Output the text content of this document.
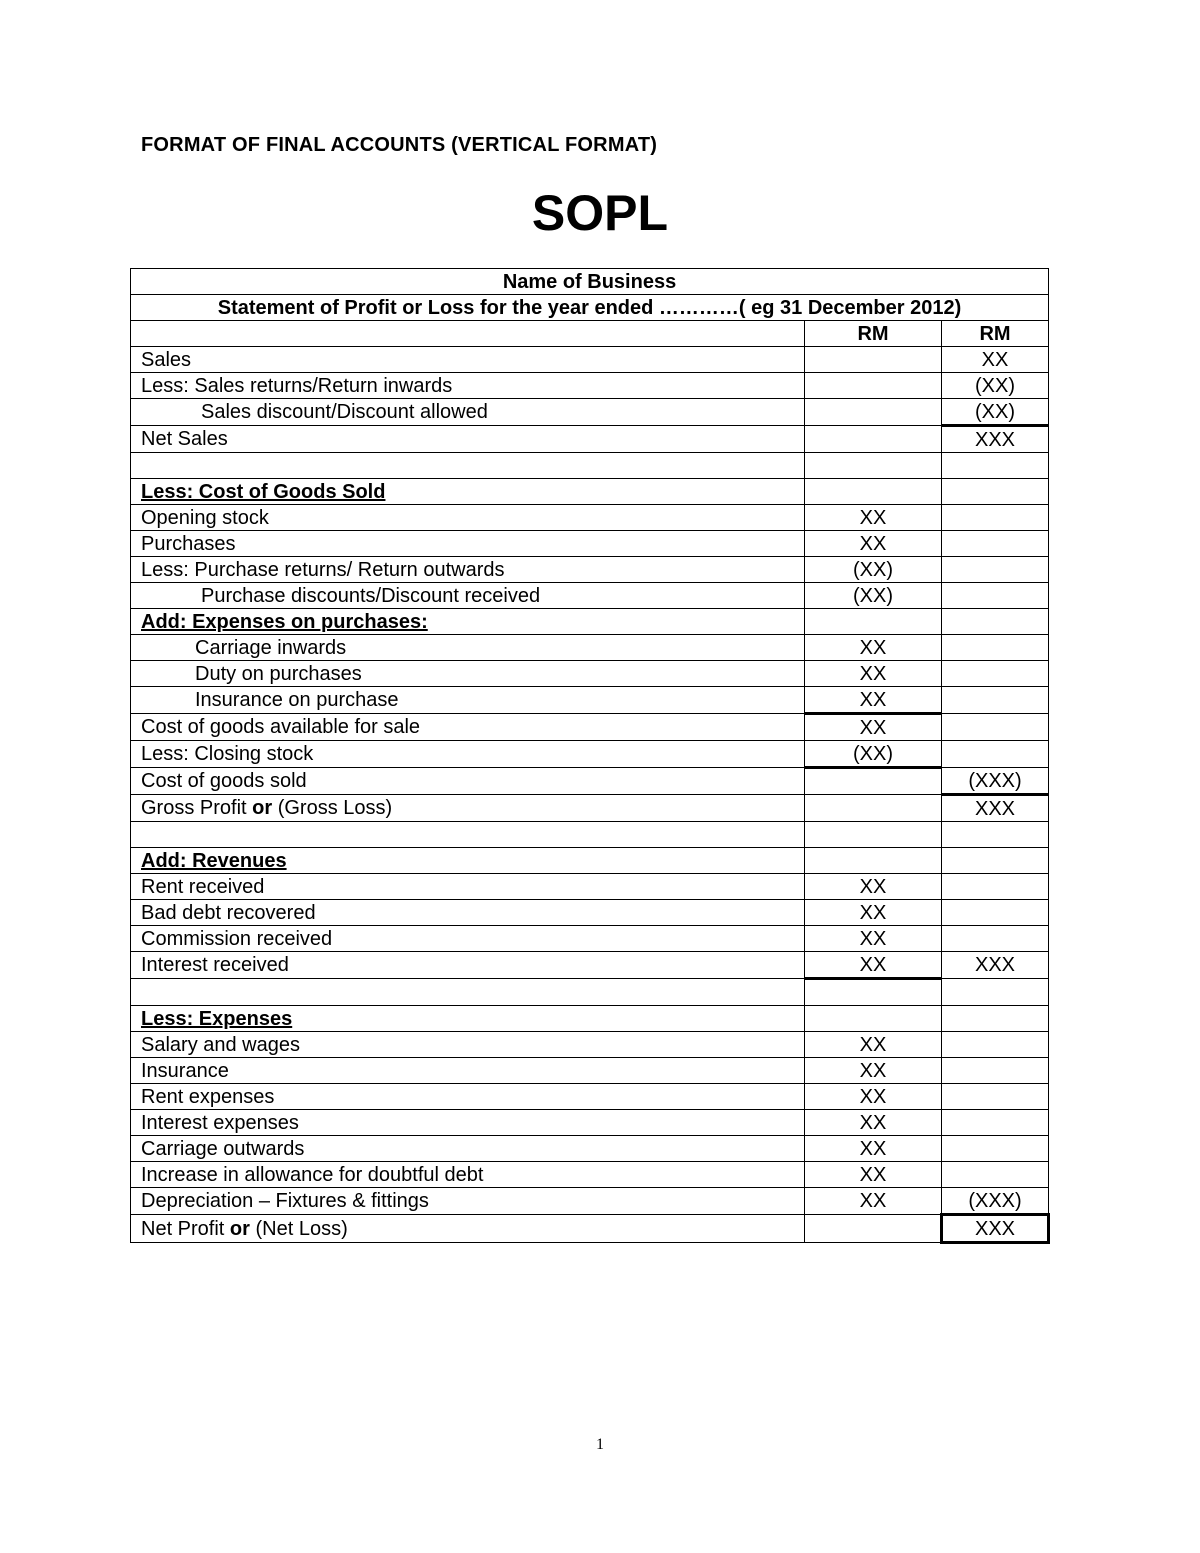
FORMAT OF FINAL ACCOUNTS (VERTICAL FORMAT)
SOPL
Name of Business		
Statement of Profit or Loss for the year ended …………( eg 31 December 2012)		
	RM	RM
Sales		XX
Less: Sales returns/Return inwards		(XX)
Sales discount/Discount allowed		(XX)
Net Sales		XXX

Less: Cost of Goods Sold		
Opening stock	XX	
Purchases	XX	
Less: Purchase returns/ Return outwards	(XX)	
Purchase discounts/Discount received	(XX)	
Add: Expenses on purchases:		
Carriage inwards	XX	
Duty on purchases	XX	
Insurance on purchase	XX	
Cost of goods available for sale	XX	
Less: Closing stock	(XX)	
Cost of goods sold		(XXX)
Gross Profit or (Gross Loss)		XXX

Add: Revenues		
Rent received	XX	
Bad debt recovered	XX	
Commission received	XX	
Interest received	XX	XXX

Less: Expenses		
Salary and wages	XX	
Insurance	XX	
Rent expenses	XX	
Interest expenses	XX	
Carriage outwards	XX	
Increase in allowance for doubtful debt	XX	
Depreciation – Fixtures & fittings	XX	(XXX)
Net Profit or (Net Loss)		XXX
1
